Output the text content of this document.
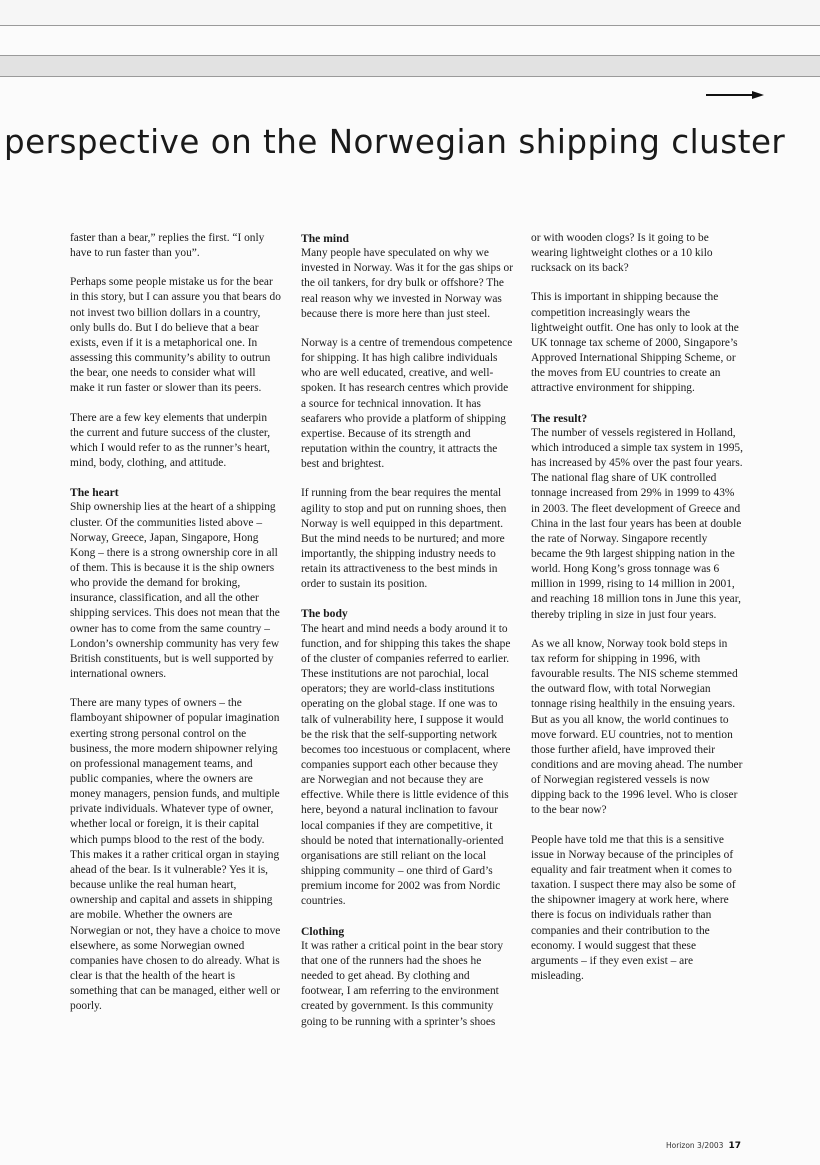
perspective on the Norwegian shipping cluster

faster than a bear,” replies the first. “I only have to run faster than you”.

Perhaps some people mistake us for the bear in this story, but I can assure you that bears do not invest two billion dollars in a country, only bulls do. But I do believe that a bear exists, even if it is a metaphorical one. In assessing this community’s ability to outrun the bear, one needs to consider what will make it run faster or slower than its peers.

There are a few key elements that underpin the current and future success of the cluster, which I would refer to as the runner’s heart, mind, body, clothing, and attitude.

The heart

Ship ownership lies at the heart of a shipping cluster. Of the communities listed above – Norway, Greece, Japan, Singapore, Hong Kong – there is a strong ownership core in all of them. This is because it is the ship owners who provide the demand for broking, insurance, classification, and all the other shipping services. This does not mean that the owner has to come from the same country – London’s ownership community has very few British constituents, but is well supported by international owners.

There are many types of owners – the flamboyant shipowner of popular imagination exerting strong personal control on the business, the more modern shipowner relying on professional management teams, and public companies, where the owners are money managers, pension funds, and multiple private individuals. Whatever type of owner, whether local or foreign, it is their capital which pumps blood to the rest of the body. This makes it a rather critical organ in staying ahead of the bear. Is it vulnerable? Yes it is, because unlike the real human heart, ownership and capital and assets in shipping are mobile. Whether the owners are Norwegian or not, they have a choice to move elsewhere, as some Norwegian owned companies have chosen to do already. What is clear is that the health of the heart is something that can be managed, either well or poorly.

The mind

Many people have speculated on why we invested in Norway. Was it for the gas ships or the oil tankers, for dry bulk or offshore? The real reason why we invested in Norway was because there is more here than just steel.

Norway is a centre of tremendous competence for shipping. It has high calibre individuals who are well educated, creative, and well-spoken. It has research centres which provide a source for technical innovation. It has seafarers who provide a platform of shipping expertise. Because of its strength and reputation within the country, it attracts the best and brightest.

If running from the bear requires the mental agility to stop and put on running shoes, then Norway is well equipped in this department. But the mind needs to be nurtured; and more importantly, the shipping industry needs to retain its attractiveness to the best minds in order to sustain its position.

The body

The heart and mind needs a body around it to function, and for shipping this takes the shape of the cluster of companies referred to earlier. These institutions are not parochial, local operators; they are world-class institutions operating on the global stage. If one was to talk of vulnerability here, I suppose it would be the risk that the self-supporting network becomes too incestuous or complacent, where companies support each other because they are Norwegian and not because they are effective. While there is little evidence of this here, beyond a natural inclination to favour local companies if they are competitive, it should be noted that internationally-oriented organisations are still reliant on the local shipping community – one third of Gard’s premium income for 2002 was from Nordic countries.

Clothing

It was rather a critical point in the bear story that one of the runners had the shoes he needed to get ahead. By clothing and footwear, I am referring to the environment created by government. Is this community going to be running with a sprinter’s shoes

or with wooden clogs? Is it going to be wearing lightweight clothes or a 10 kilo rucksack on its back?

This is important in shipping because the competition increasingly wears the lightweight outfit. One has only to look at the UK tonnage tax scheme of 2000, Singapore’s Approved International Shipping Scheme, or the moves from EU countries to create an attractive environment for shipping.

The result?

The number of vessels registered in Holland, which introduced a simple tax system in 1995, has increased by 45% over the past four years. The national flag share of UK controlled tonnage increased from 29% in 1999 to 43% in 2003. The fleet development of Greece and China in the last four years has been at double the rate of Norway. Singapore recently became the 9th largest shipping nation in the world. Hong Kong’s gross tonnage was 6 million in 1999, rising to 14 million in 2001, and reaching 18 million tons in June this year, thereby tripling in size in just four years.

As we all know, Norway took bold steps in tax reform for shipping in 1996, with favourable results. The NIS scheme stemmed the outward flow, with total Norwegian tonnage rising healthily in the ensuing years. But as you all know, the world continues to move forward. EU countries, not to mention those further afield, have improved their conditions and are moving ahead. The number of Norwegian registered vessels is now dipping back to the 1996 level. Who is closer to the bear now?

People have told me that this is a sensitive issue in Norway because of the principles of equality and fair treatment when it comes to taxation. I suspect there may also be some of the shipowner imagery at work here, where there is focus on individuals rather than companies and their contribution to the economy. I would suggest that these arguments – if they even exist – are misleading.

Horizon 3/2003 17
